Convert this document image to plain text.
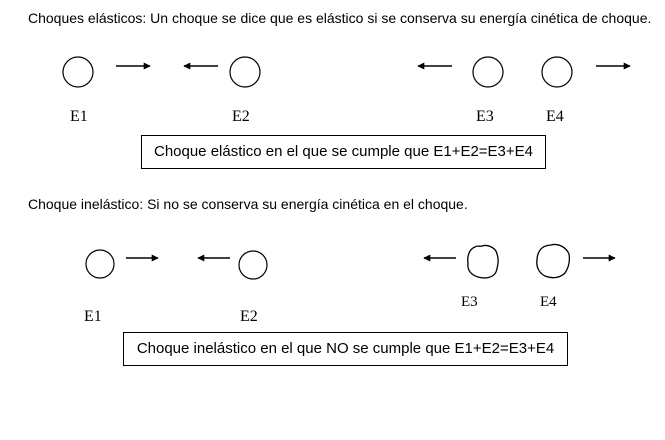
Choques elásticos: Un choque se dice que es elástico si se conserva su energía cinética de choque.
Choque inelástico: Si no se conserva su energía cinética en el choque.
E1	E2	E3	E4
E1	E2
E3	E4
Choque elástico en el que se cumple que E1+E2=E3+E4
Choque inelástico en el que NO se cumple que E1+E2=E3+E4
